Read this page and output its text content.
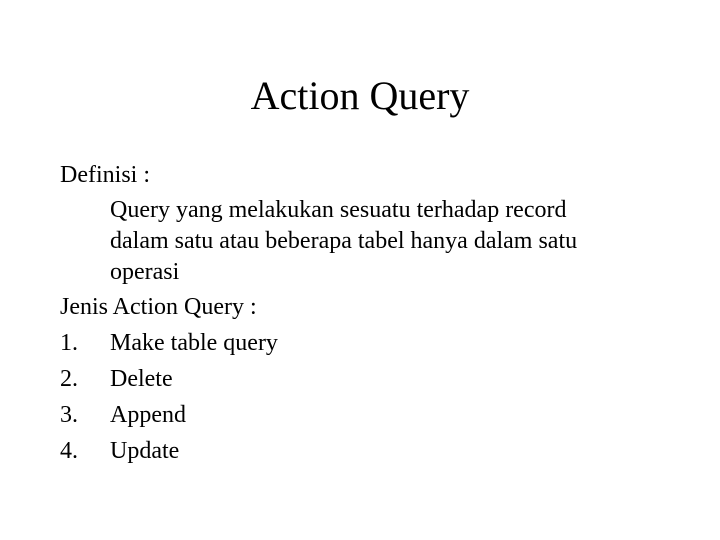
Action Query
Definisi :
Query yang melakukan sesuatu terhadap record
dalam satu atau beberapa tabel hanya dalam satu
operasi
Jenis Action Query :
1.	Make table query
2.	Delete
3.	Append
4.	Update
